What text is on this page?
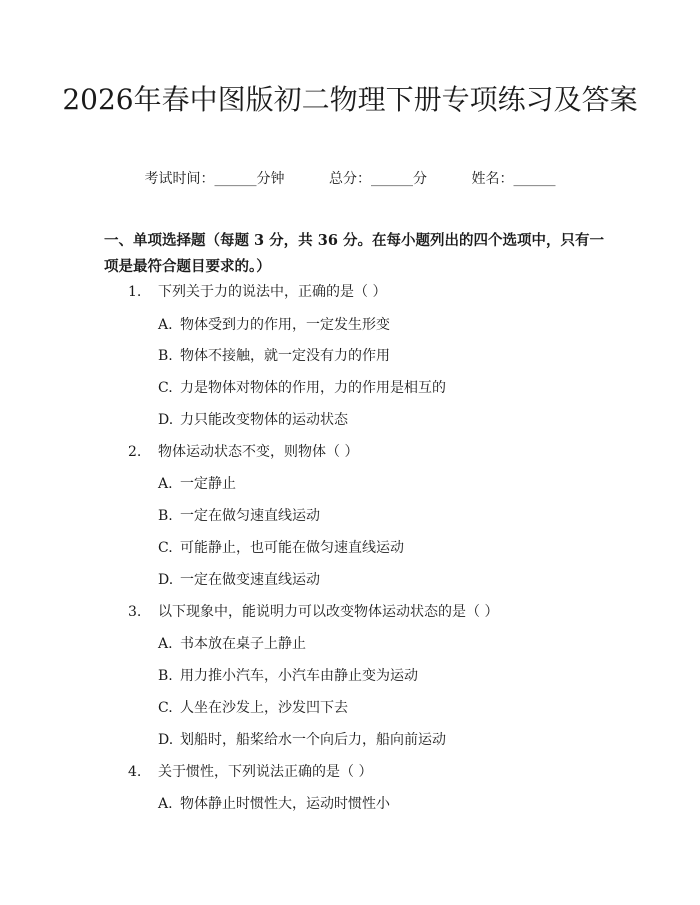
2026年春中图版初二物理下册专项练习及答案
考试时间：______分钟	总分：______分	姓名：______
一、单项选择题（每题 3 分，共 36 分。在每小题列出的四个选项中，只有一项是最符合题目要求的。）
1. 下列关于力的说法中，正确的是（ ）
A. 物体受到力的作用，一定发生形变
B. 物体不接触，就一定没有力的作用
C. 力是物体对物体的作用，力的作用是相互的
D. 力只能改变物体的运动状态
2. 物体运动状态不变，则物体（ ）
A. 一定静止
B. 一定在做匀速直线运动
C. 可能静止，也可能在做匀速直线运动
D. 一定在做变速直线运动
3. 以下现象中，能说明力可以改变物体运动状态的是（ ）
A. 书本放在桌子上静止
B. 用力推小汽车，小汽车由静止变为运动
C. 人坐在沙发上，沙发凹下去
D. 划船时，船桨给水一个向后力，船向前运动
4. 关于惯性，下列说法正确的是（ ）
A. 物体静止时惯性大，运动时惯性小
